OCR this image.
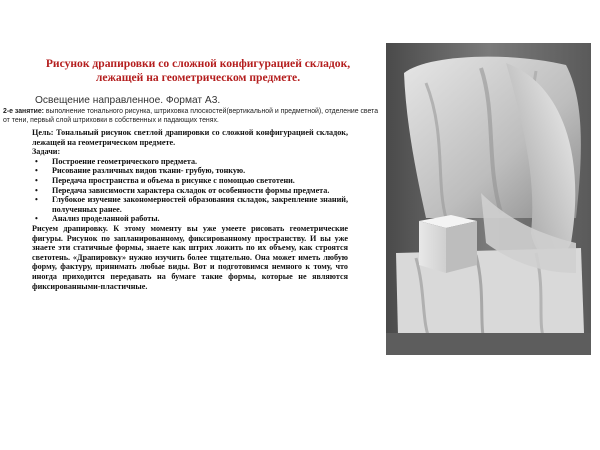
Рисунок драпировки со сложной конфигурацией складок,
лежащей на геометрическом предмете.

Освещение направленное. Формат А3.

2-е занятие: выполнение тонального рисунка, штриховка плоскостей(вертикальной и предметной), отделение света от тени, первый слой штриховки в собственных и падающих тенях.

Цель: Тональный рисунок светлой драпировки со сложной конфигурацией складок, лежащей на геометрическом предмете.

Задачи:

• Построение геометрического предмета.
• Рисование различных видов ткани- грубую, тонкую.
• Передача пространства и объема в рисунке с помощью светотени.
• Передача зависимости характера складок от особенности формы предмета.
• Глубокое изучение закономерностей образования складок, закрепление знаний, полученных ранее.
• Анализ проделанной работы.

Рисуем драпировку. К этому моменту вы уже умеете рисовать геометрические фигуры. Рисунок по запланированному, фиксированному пространству. И вы уже знаете эти статичные формы, знаете как штрих ложить по их объему, как строятся светотень. «Драпировку» нужно изучить более тщательно. Она может иметь любую форму, фактуру, принимать любые виды. Вот и подготовимся немного к тому, что иногда приходится передавать на бумаге такие формы, которые не являются фиксированными-пластичные.
